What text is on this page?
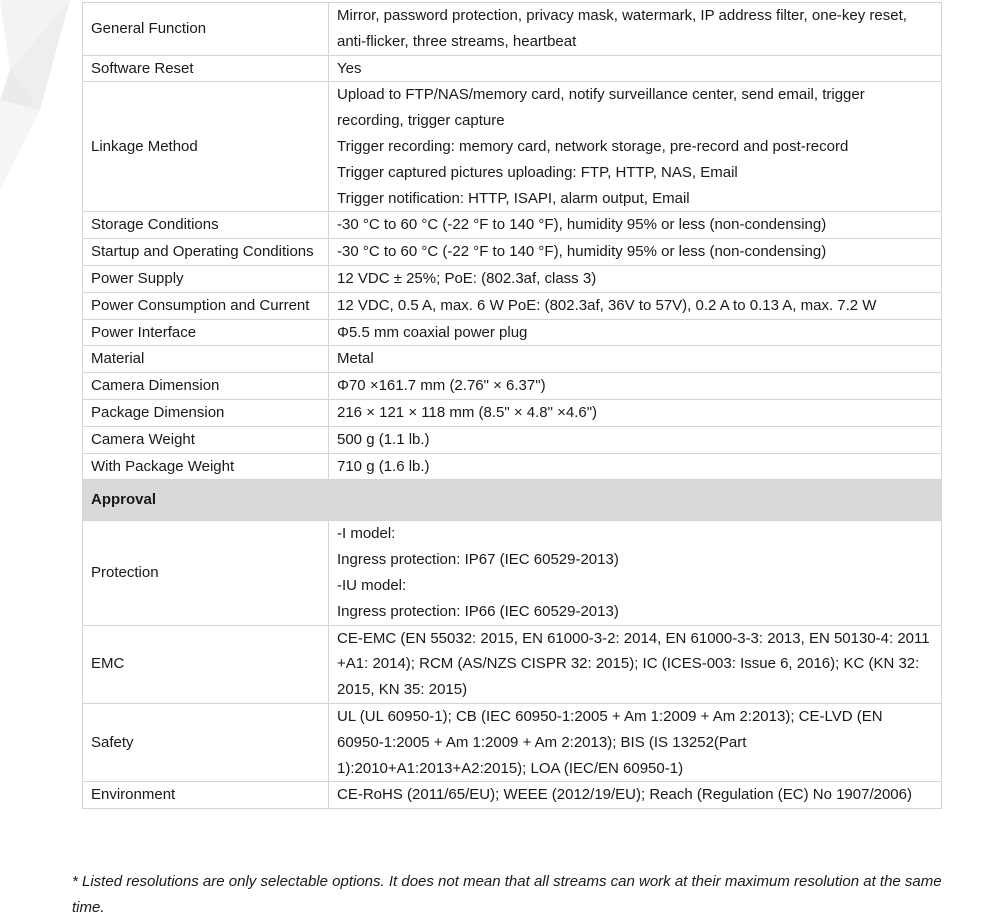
General Function	Mirror, password protection, privacy mask, watermark, IP address filter, one-key reset, anti-flicker, three streams, heartbeat

Software Reset	Yes

Linkage Method	Upload to FTP/NAS/memory card, notify surveillance center, send email, trigger recording, trigger capture
Trigger recording: memory card, network storage, pre-record and post-record
Trigger captured pictures uploading: FTP, HTTP, NAS, Email
Trigger notification: HTTP, ISAPI, alarm output, Email

Storage Conditions	-30 °C to 60 °C (-22 °F to 140 °F), humidity 95% or less (non-condensing)

Startup and Operating Conditions	-30 °C to 60 °C (-22 °F to 140 °F), humidity 95% or less (non-condensing)

Power Supply	12 VDC ± 25%; PoE: (802.3af, class 3)

Power Consumption and Current	12 VDC, 0.5 A, max. 6 W PoE: (802.3af, 36V to 57V), 0.2 A to 0.13 A, max. 7.2 W

Power Interface	Φ5.5 mm coaxial power plug

Material	Metal

Camera Dimension	Φ70 ×161.7 mm (2.76" × 6.37")

Package Dimension	216 × 121 × 118 mm (8.5" × 4.8" ×4.6")

Camera Weight	500 g (1.1 lb.)

With Package Weight	710 g (1.6 lb.)

Approval	
Protection	-I model:
Ingress protection: IP67 (IEC 60529-2013)
-IU model:
Ingress protection: IP66 (IEC 60529-2013)

EMC	CE-EMC (EN 55032: 2015, EN 61000-3-2: 2014, EN 61000-3-3: 2013, EN 50130-4: 2011 +A1: 2014); RCM (AS/NZS CISPR 32: 2015); IC (ICES-003: Issue 6, 2016); KC (KN 32: 2015, KN 35: 2015)

Safety	UL (UL 60950-1); CB (IEC 60950-1:2005 + Am 1:2009 + Am 2:2013); CE-LVD (EN 60950-1:2005 + Am 1:2009 + Am 2:2013); BIS (IS 13252(Part 1):2010+A1:2013+A2:2015); LOA (IEC/EN 60950-1)

Environment	CE-RoHS (2011/65/EU); WEEE (2012/19/EU); Reach (Regulation (EC) No 1907/2006)
* Listed resolutions are only selectable options. It does not mean that all streams can work at their maximum resolution at the same time.
